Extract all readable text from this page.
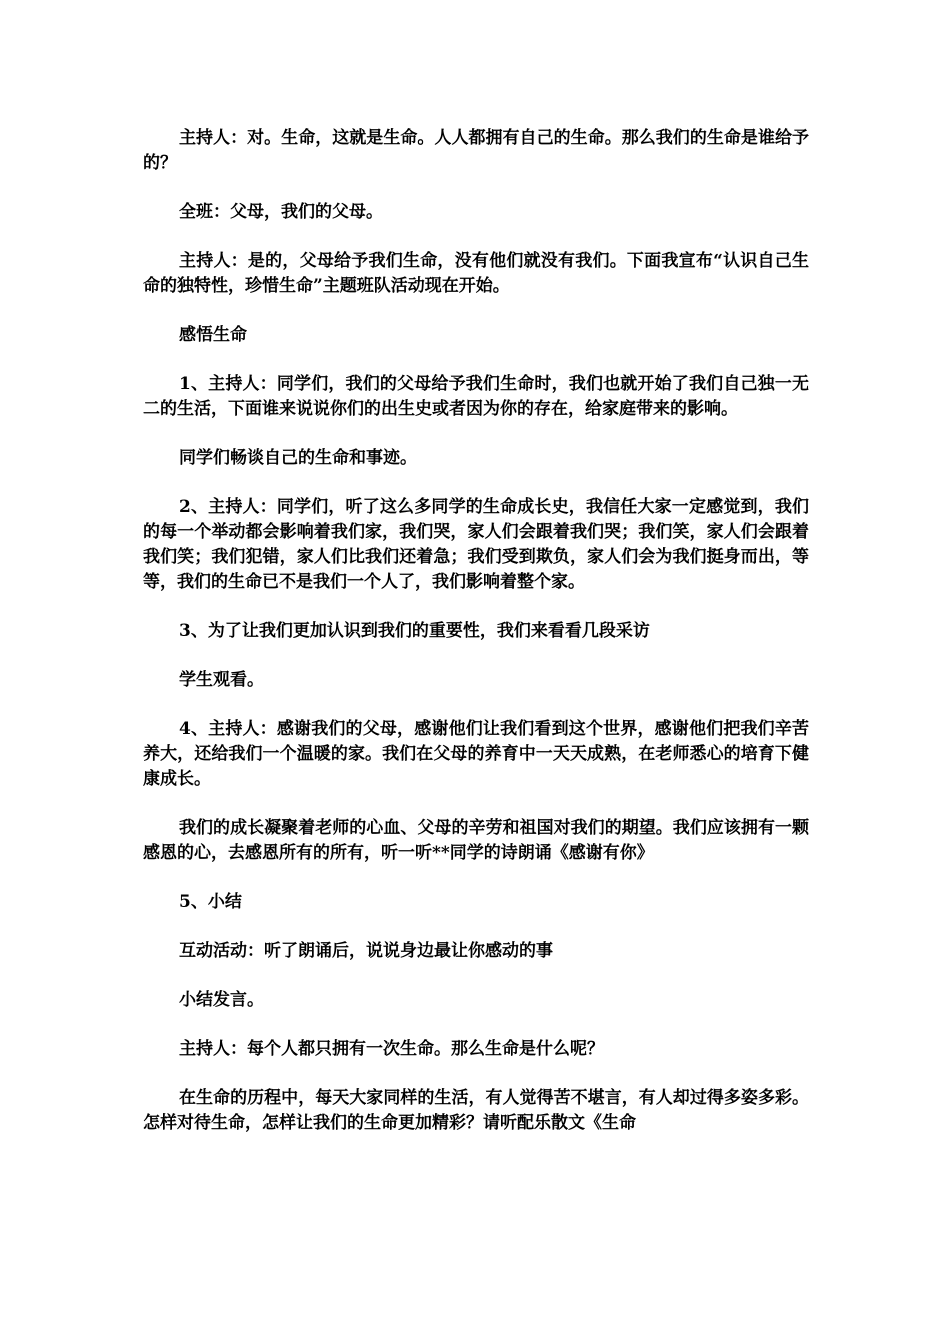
主持人：对。生命，这就是生命。人人都拥有自己的生命。那么我们的生命是谁给予的？

全班：父母，我们的父母。

主持人：是的，父母给予我们生命，没有他们就没有我们。下面我宣布“认识自己生命的独特性，珍惜生命”主题班队活动现在开始。

感悟生命

1、主持人：同学们，我们的父母给予我们生命时，我们也就开始了我们自己独一无二的生活，下面谁来说说你们的出生史或者因为你的存在，给家庭带来的影响。

同学们畅谈自己的生命和事迹。

2、主持人：同学们，听了这么多同学的生命成长史，我信任大家一定感觉到，我们的每一个举动都会影响着我们家，我们哭，家人们会跟着我们哭；我们笑，家人们会跟着我们笑；我们犯错，家人们比我们还着急；我们受到欺负，家人们会为我们挺身而出，等等，我们的生命已不是我们一个人了，我们影响着整个家。

3、为了让我们更加认识到我们的重要性，我们来看看几段采访

学生观看。

4、主持人：感谢我们的父母，感谢他们让我们看到这个世界，感谢他们把我们辛苦养大，还给我们一个温暖的家。我们在父母的养育中一天天成熟，在老师悉心的培育下健康成长。

我们的成长凝聚着老师的心血、父母的辛劳和祖国对我们的期望。我们应该拥有一颗感恩的心，去感恩所有的所有，听一听**同学的诗朗诵《感谢有你》

5、小结

互动活动：听了朗诵后，说说身边最让你感动的事

小结发言。

主持人：每个人都只拥有一次生命。那么生命是什么呢？

在生命的历程中，每天大家同样的生活，有人觉得苦不堪言，有人却过得多姿多彩。怎样对待生命，怎样让我们的生命更加精彩？请听配乐散文《生命
